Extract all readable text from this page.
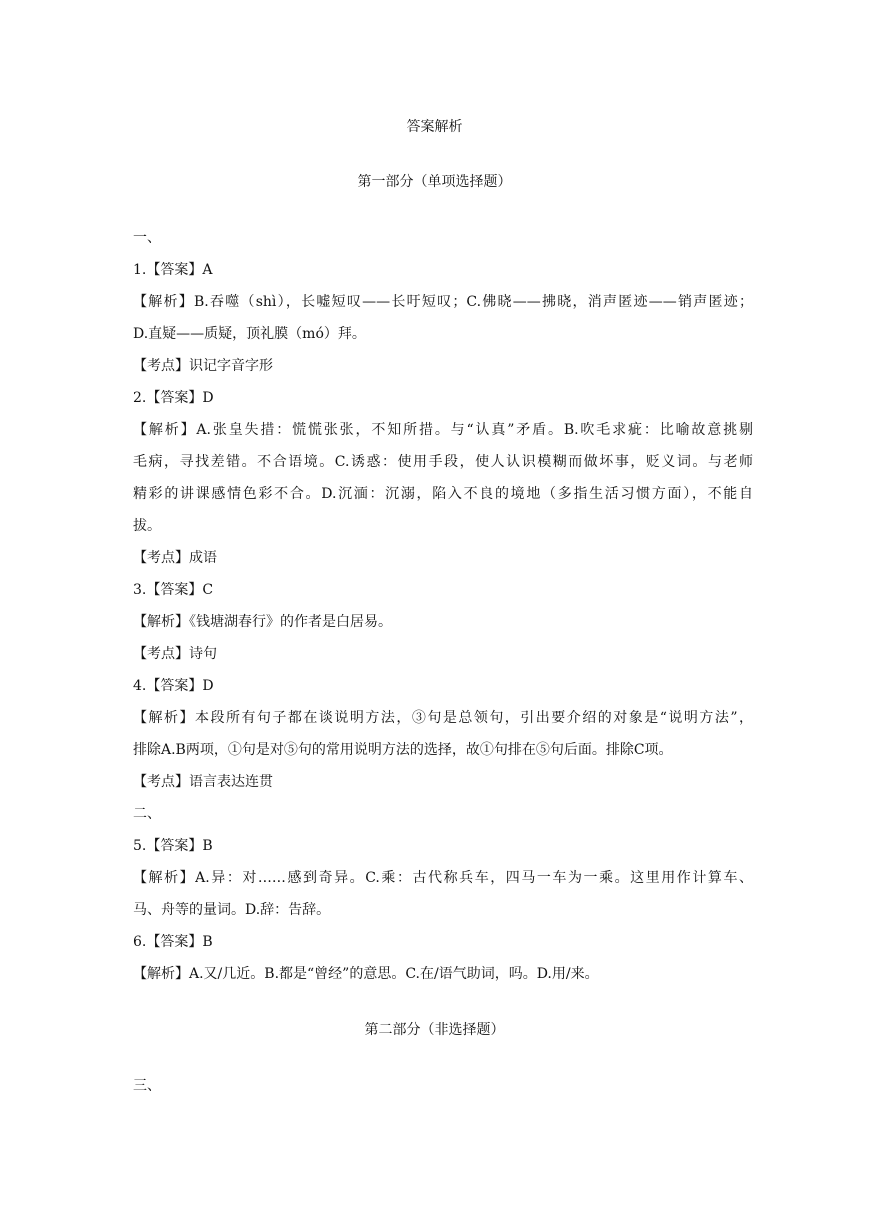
答案解析
第一部分（单项选择题）
一、
1.【答案】A
【解析】B.吞噬（shì），长嘘短叹——长吁短叹；C.佛晓——拂晓，消声匿迹——销声匿迹；
D.直疑——质疑，顶礼膜（mó）拜。
【考点】识记字音字形
2.【答案】D
【解析】A.张皇失措：慌慌张张，不知所措。与“认真”矛盾。B.吹毛求疵：比喻故意挑剔
毛病，寻找差错。不合语境。C.诱惑：使用手段，使人认识模糊而做坏事，贬义词。与老师
精彩的讲课感情色彩不合。D.沉湎：沉溺，陷入不良的境地（多指生活习惯方面），不能自
拔。
【考点】成语
3.【答案】C
【解析】《钱塘湖春行》的作者是白居易。
【考点】诗句
4.【答案】D
【解析】本段所有句子都在谈说明方法，③句是总领句，引出要介绍的对象是“说明方法”，
排除A.B两项，①句是对⑤句的常用说明方法的选择，故①句排在⑤句后面。排除C项。
【考点】语言表达连贯
二、
5.【答案】B
【解析】A.异：对……感到奇异。C.乘：古代称兵车，四马一车为一乘。这里用作计算车、
马、舟等的量词。D.辞：告辞。
6.【答案】B
【解析】A.又/几近。B.都是“曾经”的意思。C.在/语气助词，吗。D.用/来。
第二部分（非选择题）
三、
